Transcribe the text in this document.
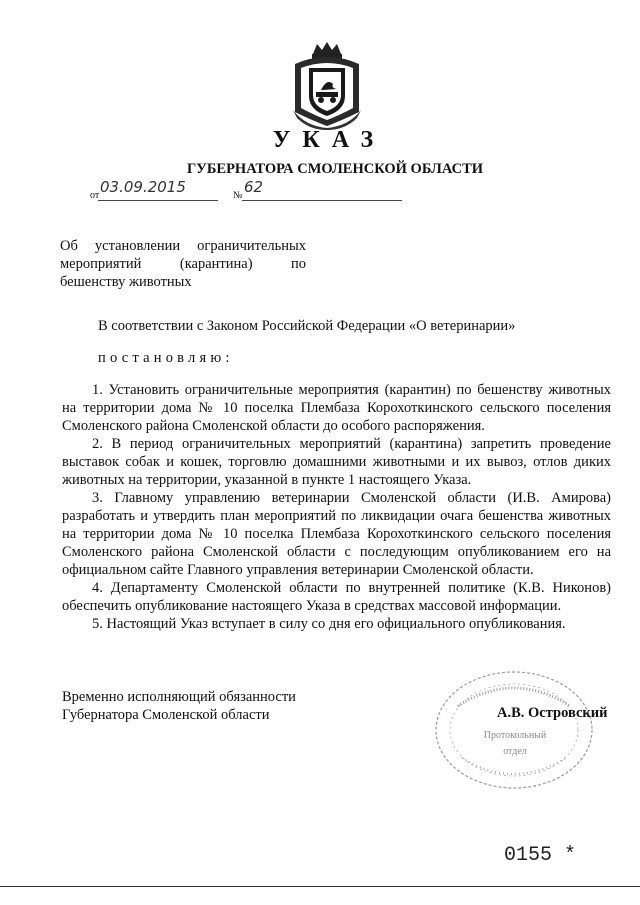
УКАЗ
ГУБЕРНАТОРА СМОЛЕНСКОЙ ОБЛАСТИ
от 03.09.2015	№ 62
Об установлении ограничительных
мероприятий (карантина) по
бешенству животных
В соответствии с Законом Российской Федерации «О ветеринарии»
постановляю:

1. Установить ограничительные мероприятия (карантин) по бешенству животных на территории дома № 10 поселка Плембаза Корохоткинского сельского поселения Смоленского района Смоленской области до особого распоряжения.

2. В период ограничительных мероприятий (карантина) запретить проведение выставок собак и кошек, торговлю домашними животными и их вывоз, отлов диких животных на территории, указанной в пункте 1 настоящего Указа.

3. Главному управлению ветеринарии Смоленской области (И.В. Амирова) разработать и утвердить план мероприятий по ликвидации очага бешенства животных на территории дома № 10 поселка Плембаза Корохоткинского сельского поселения Смоленского района Смоленской области с последующим опубликованием его на официальном сайте Главного управления ветеринарии Смоленской области.

4. Департаменту Смоленской области по внутренней политике (К.В. Никонов) обеспечить опубликование настоящего Указа в средствах массовой информации.

5. Настоящий Указ вступает в силу со дня его официального опубликования.

Временно исполняющий обязанности
Губернатора Смоленской области
Протокольный
отдел
А.В. Островский
0155 *
